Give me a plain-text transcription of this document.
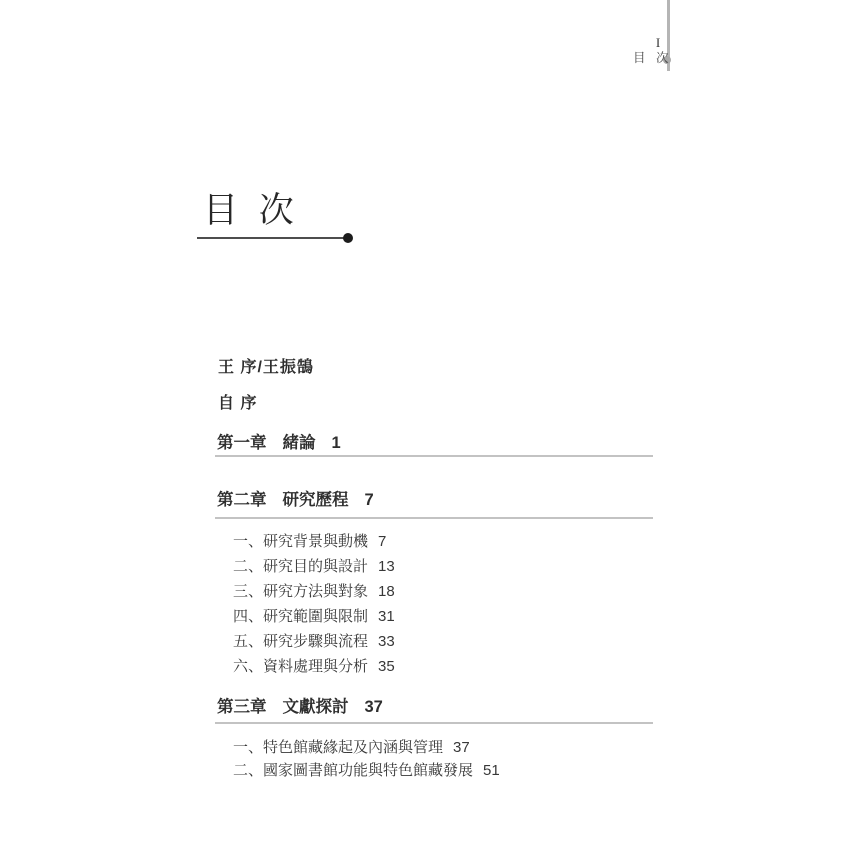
I
目 次
目 次
王 序/王振鵠
自 序
第一章 緒論 1
第二章 研究歷程 7
一、研究背景與動機 7
二、研究目的與設計 13
三、研究方法與對象 18
四、研究範圍與限制 31
五、研究步驟與流程 33
六、資料處理與分析 35
第三章 文獻探討 37
一、特色館藏緣起及內涵與管理 37
二、國家圖書館功能與特色館藏發展 51
